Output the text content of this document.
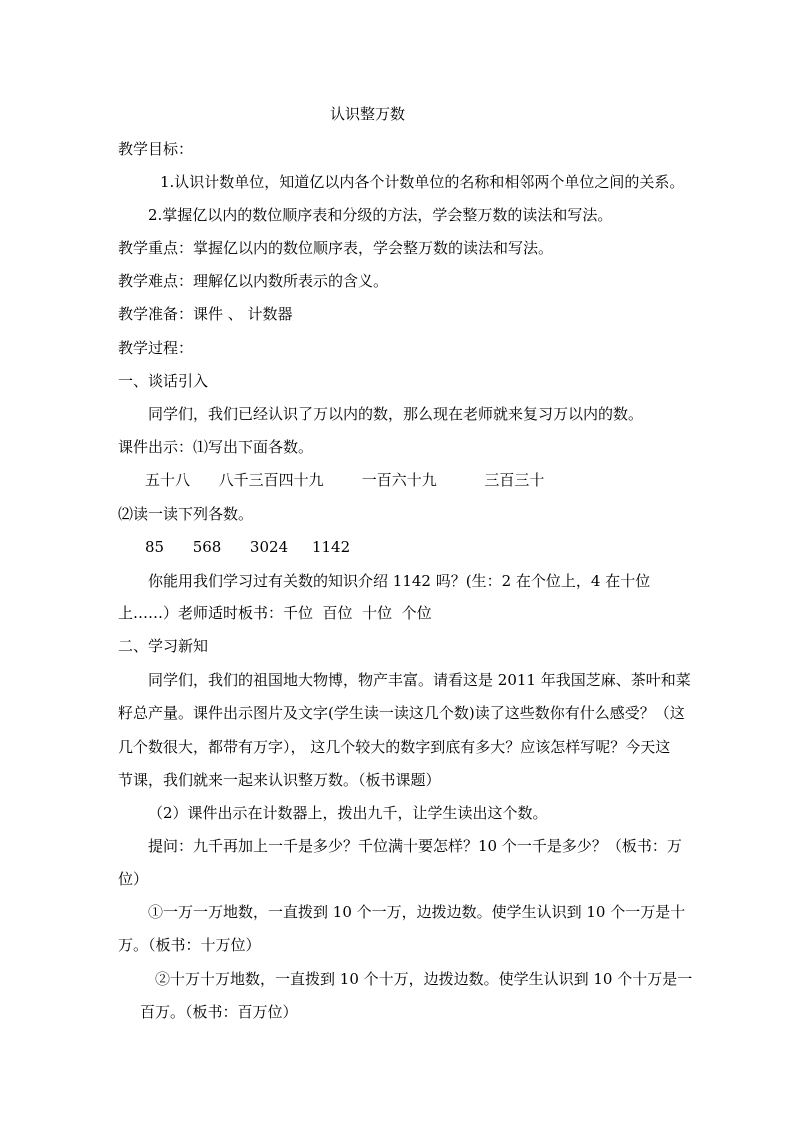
认识整万数
教学目标：
1.认识计数单位，知道亿以内各个计数单位的名称和相邻两个单位之间的关系。
2.掌握亿以内的数位顺序表和分级的方法，学会整万数的读法和写法。
教学重点：掌握亿以内的数位顺序表，学会整万数的读法和写法。
教学难点：理解亿以内数所表示的含义。
教学准备：课件 、 计数器
教学过程：
一、谈话引入
同学们，我们已经认识了万以内的数，那么现在老师就来复习万以内的数。
课件出示：⑴写出下面各数。
五十八      八千三百四十九        一百六十九          三百三十
⑵读一读下列各数。
85      568      3024     1142
你能用我们学习过有关数的知识介绍 1142 吗？(生：2 在个位上，4 在十位
上……）老师适时板书：千位  百位  十位  个位
二、学习新知
同学们，我们的祖国地大物博，物产丰富。请看这是 2011 年我国芝麻、茶叶和菜
籽总产量。课件出示图片及文字(学生读一读这几个数)读了这些数你有什么感受？（这
几个数很大，都带有万字）， 这几个较大的数字到底有多大？应该怎样写呢？今天这
节课，我们就来一起来认识整万数。（板书课题）
（2）课件出示在计数器上，拨出九千，让学生读出这个数。
提问：九千再加上一千是多少？千位满十要怎样？10 个一千是多少？（板书：万
位）
①一万一万地数，一直拨到 10 个一万，边拨边数。使学生认识到 10 个一万是十
万。（板书：十万位）
②十万十万地数，一直拨到 10 个十万，边拨边数。使学生认识到 10 个十万是一
百万。（板书：百万位）
